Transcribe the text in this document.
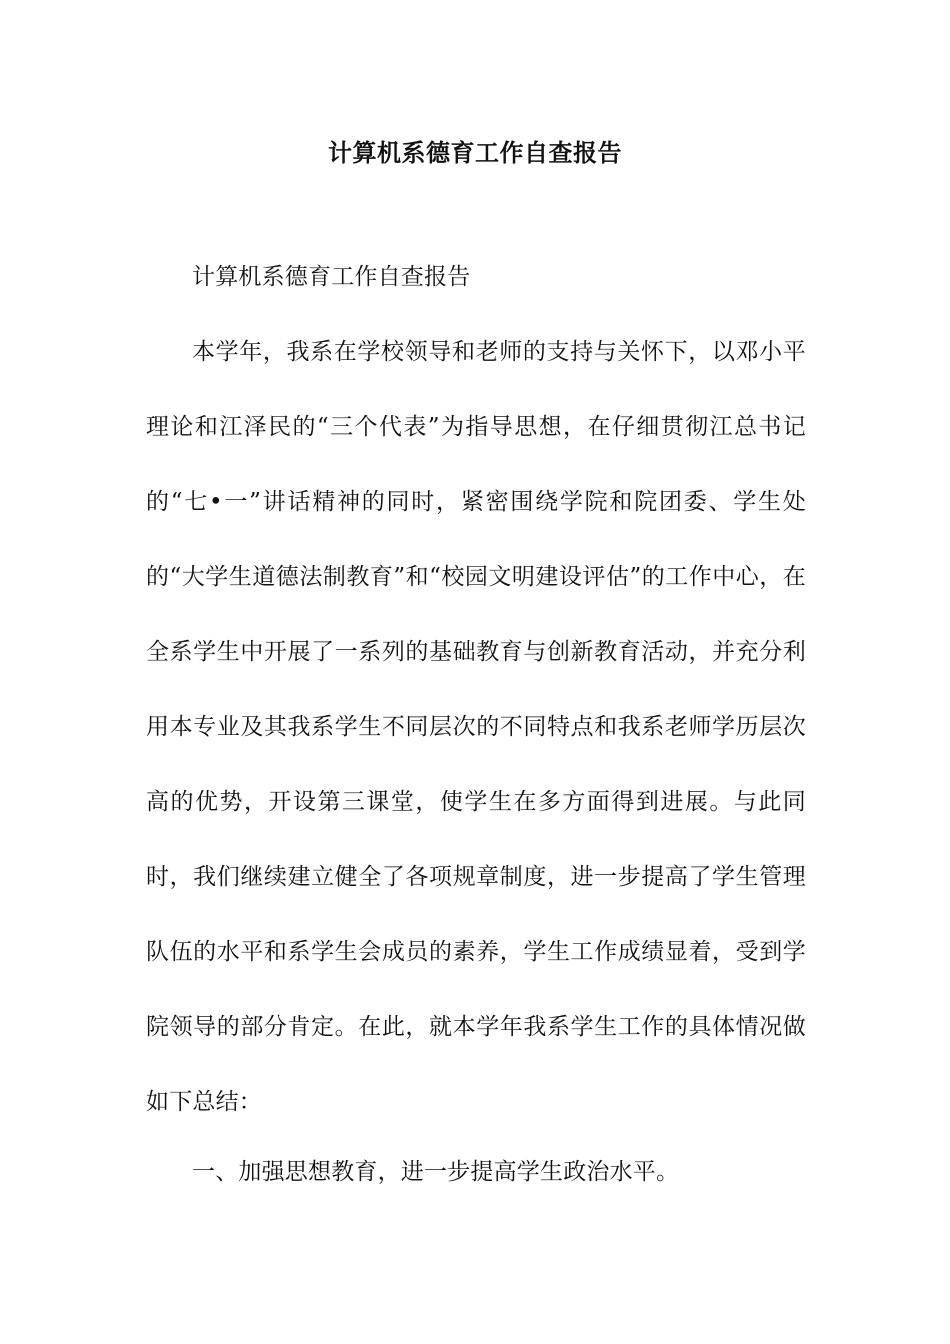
计算机系德育工作自查报告

计算机系德育工作自查报告

本学年，我系在学校领导和老师的支持与关怀下，以邓小平理论和江泽民的“三个代表”为指导思想，在仔细贯彻江总书记的“七•一”讲话精神的同时，紧密围绕学院和院团委、学生处的“大学生道德法制教育”和“校园文明建设评估”的工作中心，在全系学生中开展了一系列的基础教育与创新教育活动，并充分利用本专业及其我系学生不同层次的不同特点和我系老师学历层次高的优势，开设第三课堂，使学生在多方面得到进展。与此同时，我们继续建立健全了各项规章制度，进一步提高了学生管理队伍的水平和系学生会成员的素养，学生工作成绩显着，受到学院领导的部分肯定。在此，就本学年我系学生工作的具体情况做如下总结：

一、加强思想教育，进一步提高学生政治水平。
